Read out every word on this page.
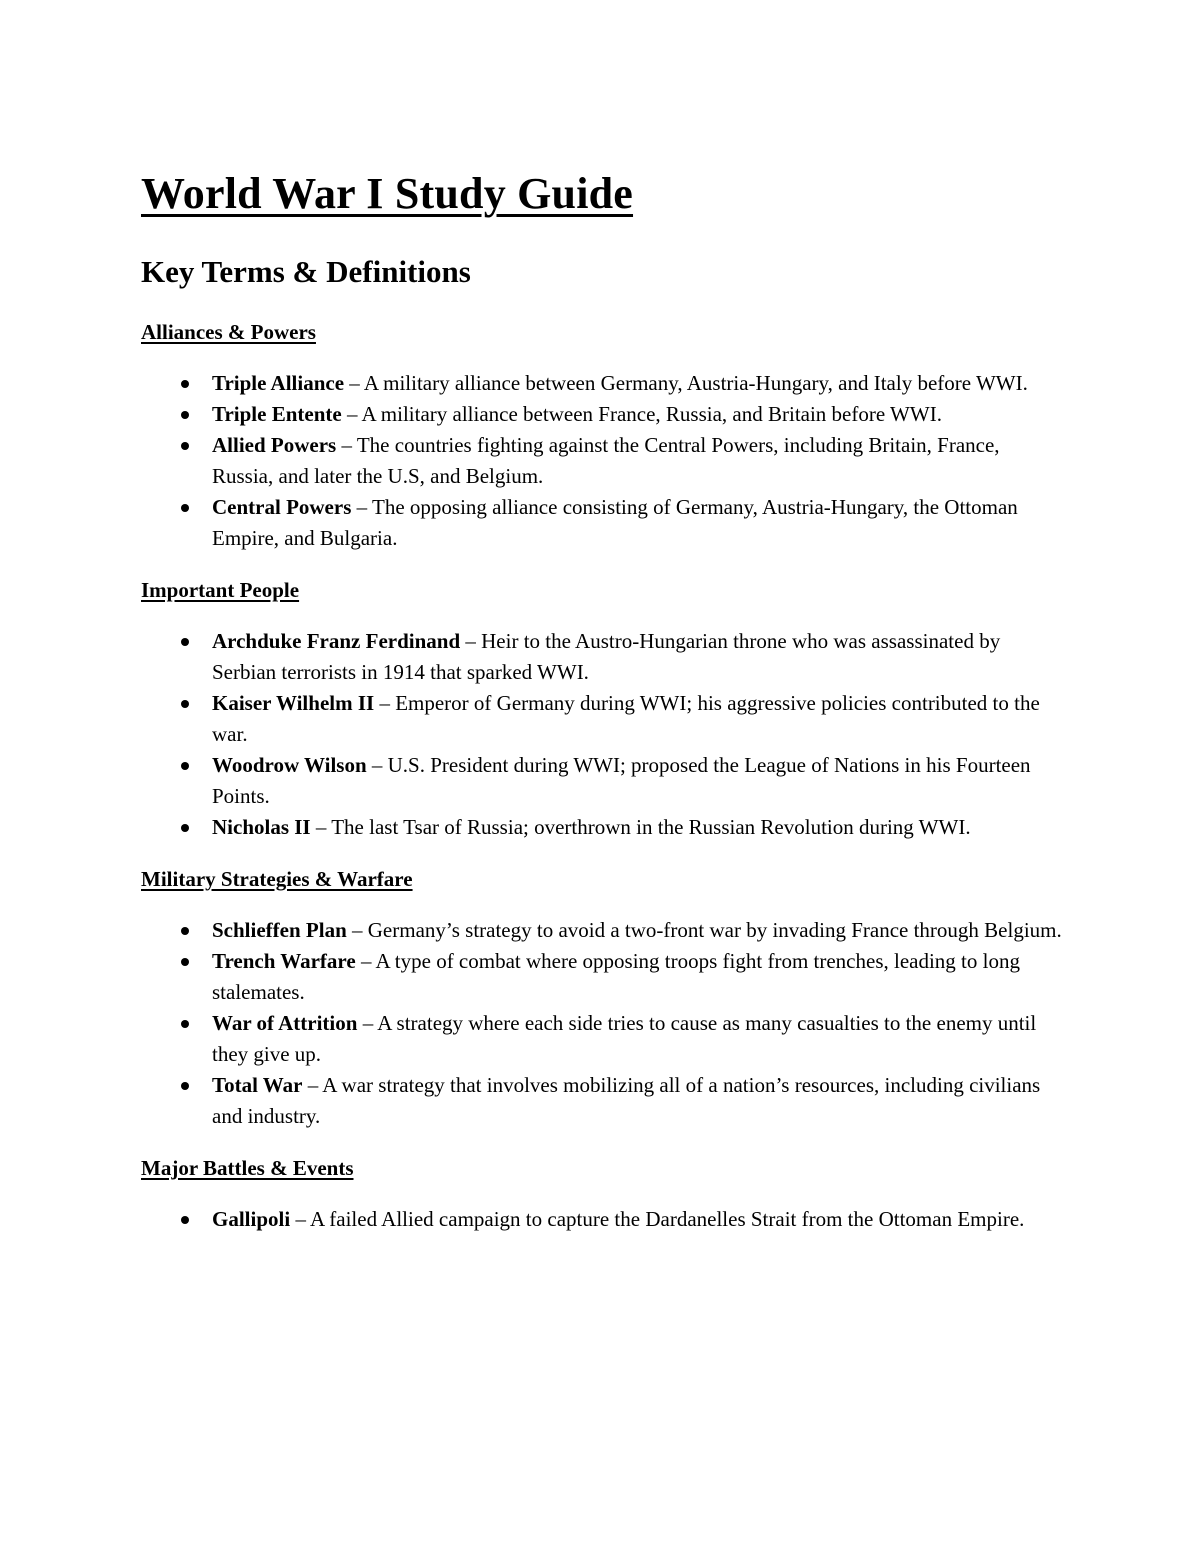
World War I Study Guide
Key Terms & Definitions
Alliances & Powers
Triple Alliance – A military alliance between Germany, Austria-Hungary, and Italy before WWI.
Triple Entente – A military alliance between France, Russia, and Britain before WWI.
Allied Powers – The countries fighting against the Central Powers, including Britain, France, Russia, and later the U.S, and Belgium.
Central Powers – The opposing alliance consisting of Germany, Austria-Hungary, the Ottoman Empire, and Bulgaria.
Important People
Archduke Franz Ferdinand – Heir to the Austro-Hungarian throne who was assassinated by Serbian terrorists in 1914 that sparked WWI.
Kaiser Wilhelm II – Emperor of Germany during WWI; his aggressive policies contributed to the war.
Woodrow Wilson – U.S. President during WWI; proposed the League of Nations in his Fourteen Points.
Nicholas II – The last Tsar of Russia; overthrown in the Russian Revolution during WWI.
Military Strategies & Warfare
Schlieffen Plan – Germany’s strategy to avoid a two-front war by invading France through Belgium.
Trench Warfare – A type of combat where opposing troops fight from trenches, leading to long stalemates.
War of Attrition – A strategy where each side tries to cause as many casualties to the enemy until they give up.
Total War – A war strategy that involves mobilizing all of a nation’s resources, including civilians and industry.
Major Battles & Events
Gallipoli – A failed Allied campaign to capture the Dardanelles Strait from the Ottoman Empire.
